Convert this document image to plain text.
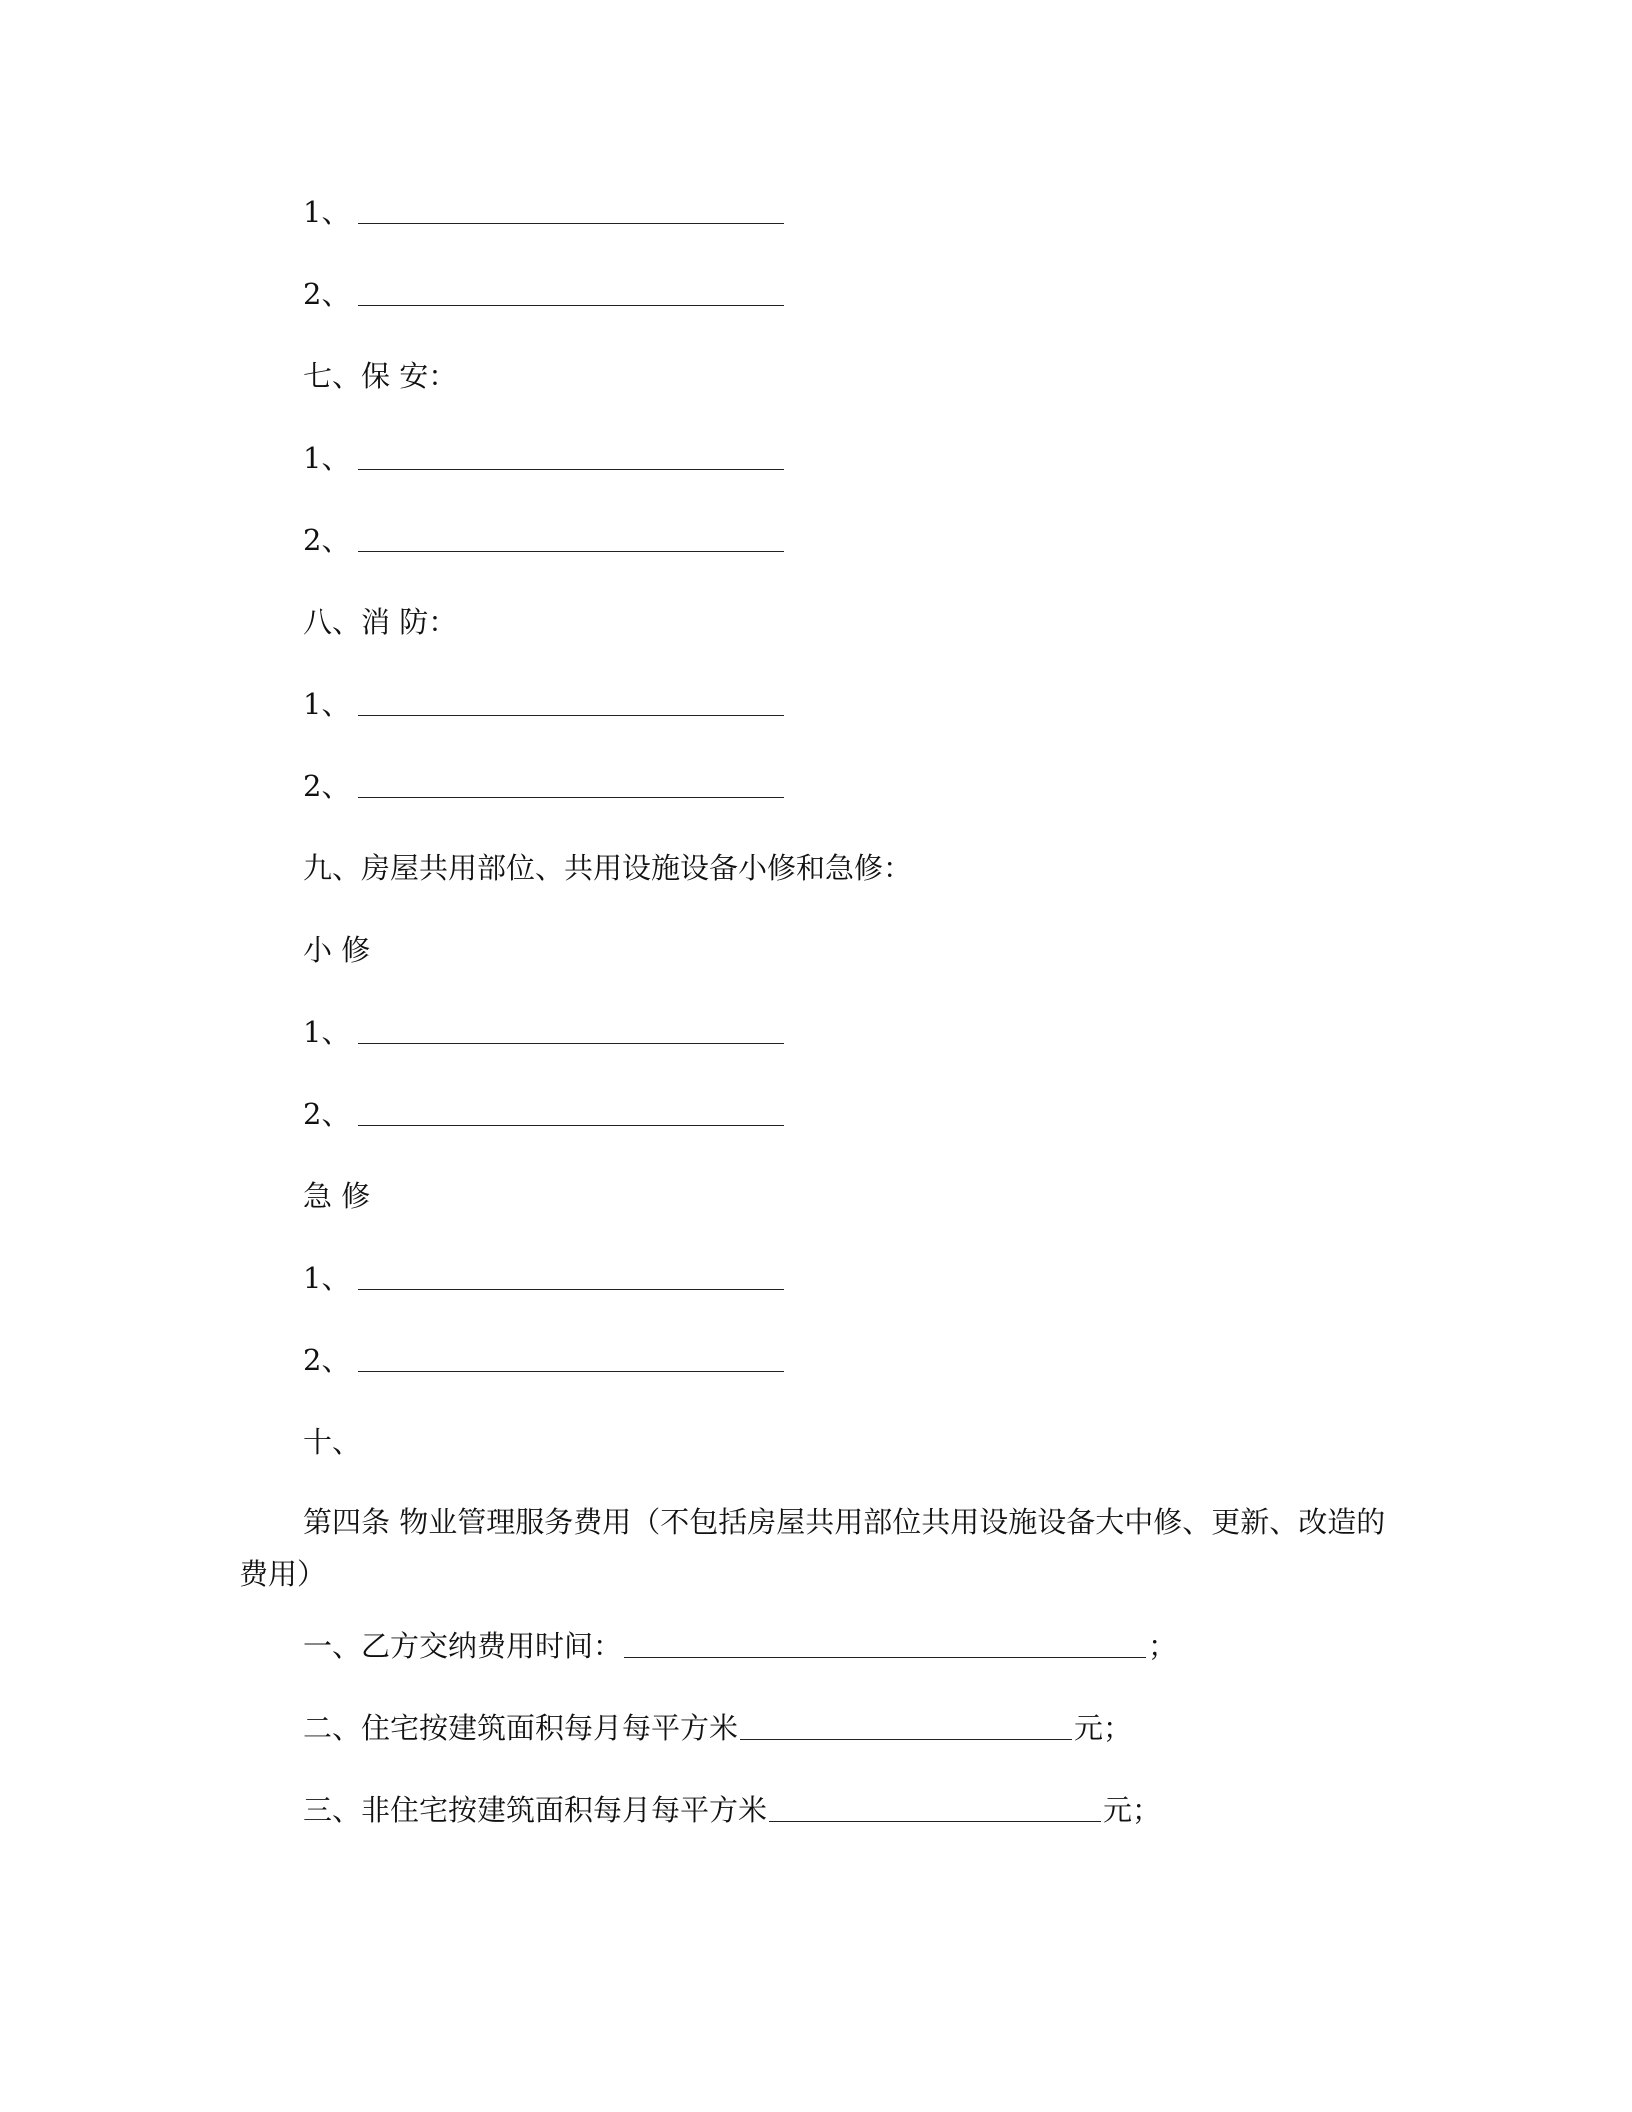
1、
2、
七、保 安：
1、
2、
八、消 防：
1、
2、
九、房屋共用部位、共用设施设备小修和急修：
小 修
1、
2、
急 修
1、
2、
十、
第四条 物业管理服务费用（不包括房屋共用部位共用设施设备大中修、更新、改造的费用）
一、乙方交纳费用时间：	；
二、住宅按建筑面积每月每平方米	元；
三、非住宅按建筑面积每月每平方米	元；
